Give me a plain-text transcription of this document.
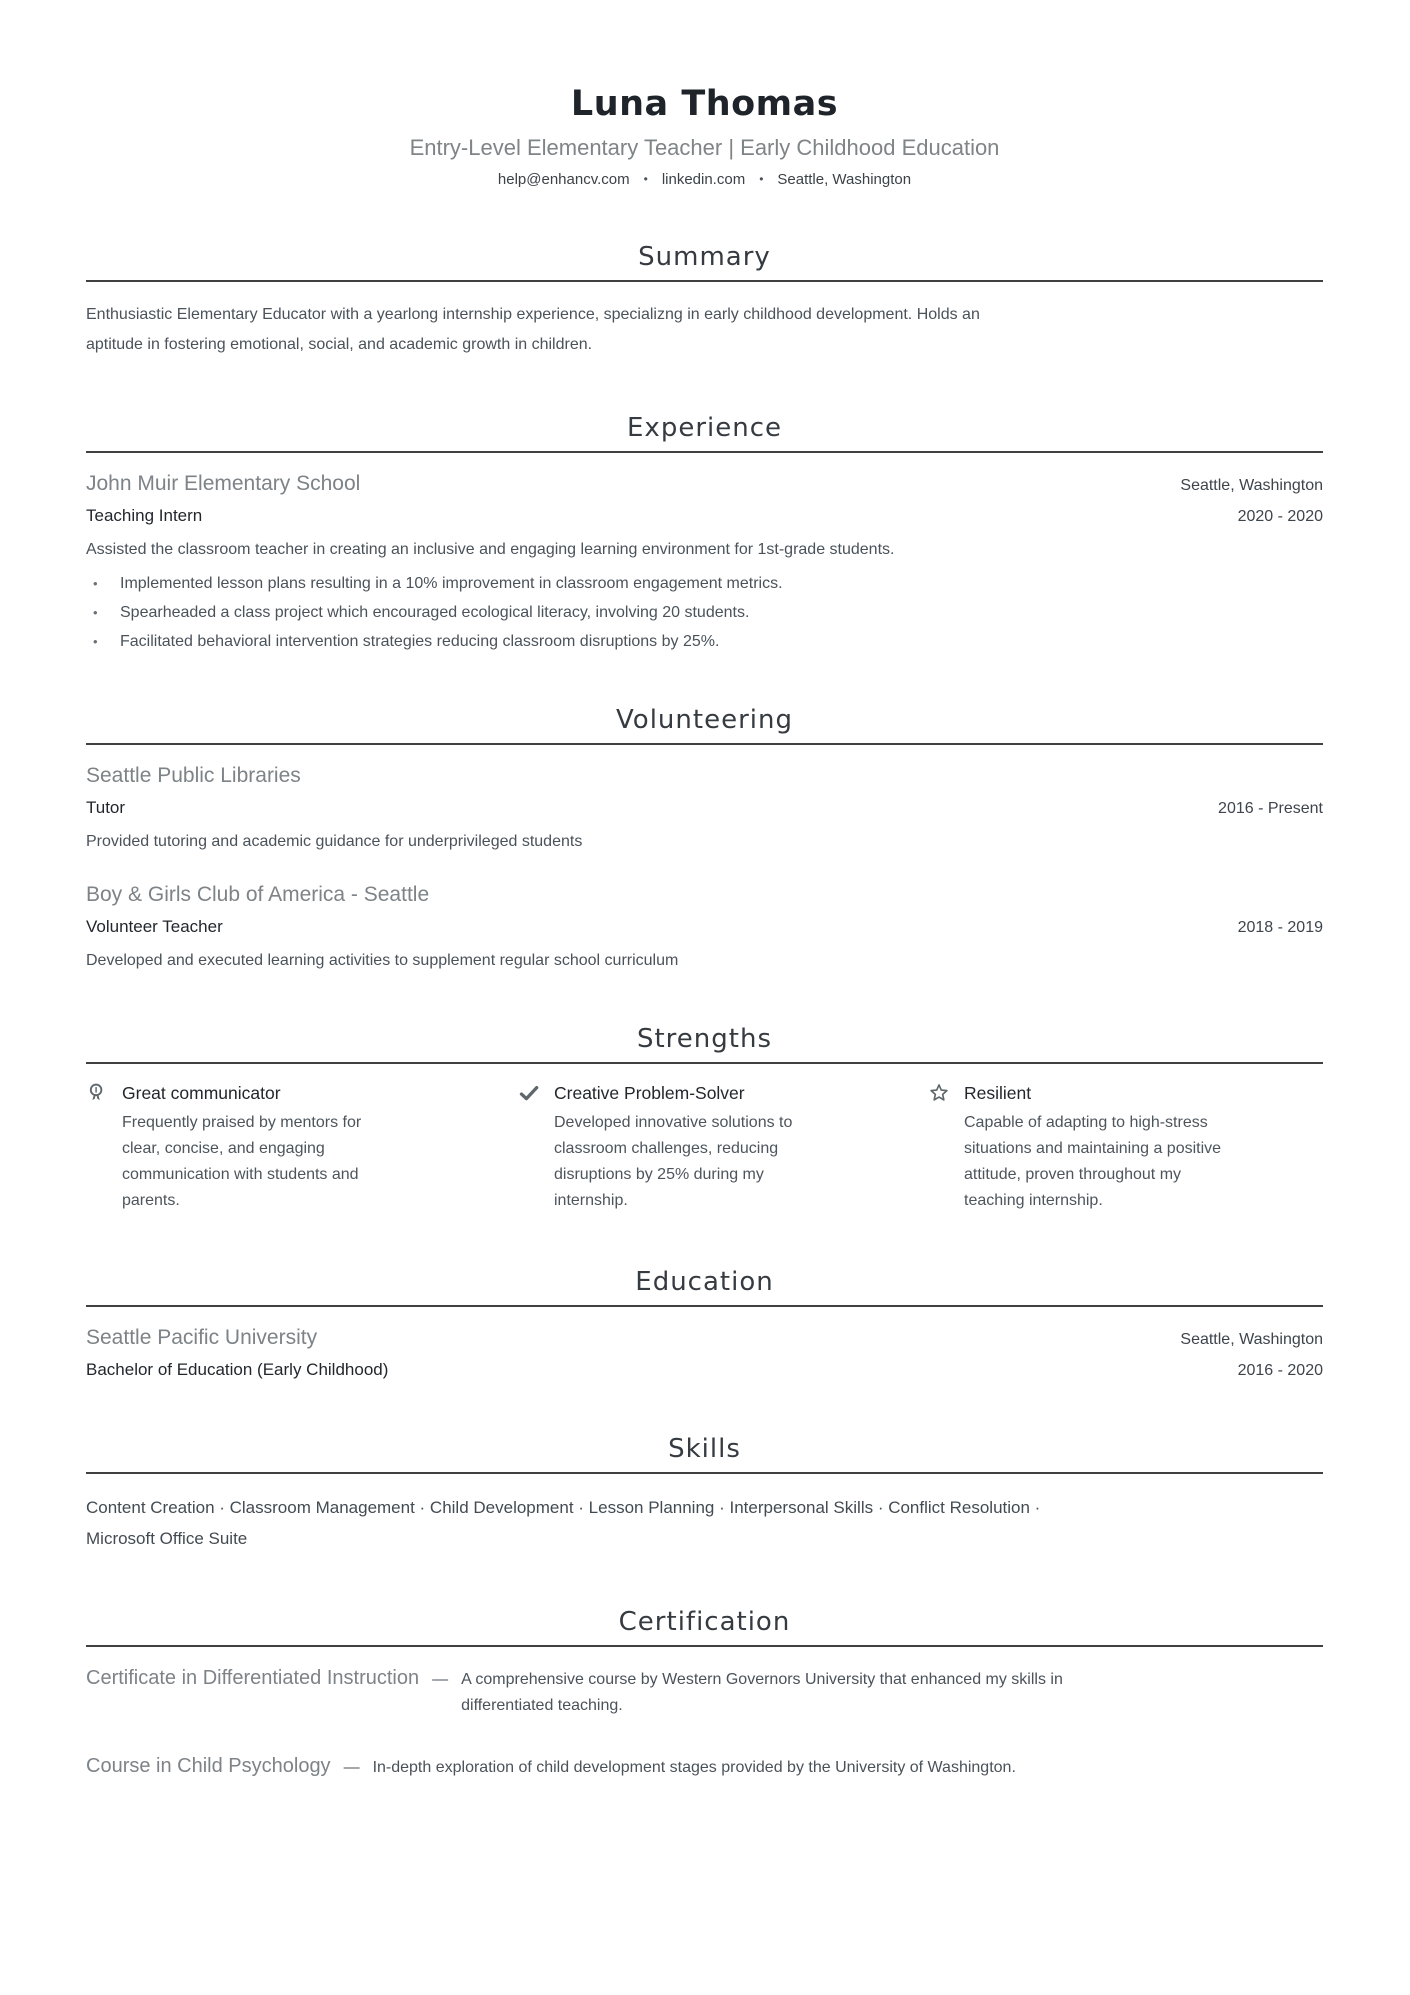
Luna Thomas
Entry-Level Elementary Teacher | Early Childhood Education
help@enhancv.com • linkedin.com • Seattle, Washington
Summary

Enthusiastic Elementary Educator with a yearlong internship experience, specializng in early childhood development. Holds an aptitude in fostering emotional, social, and academic growth in children.

Experience
John Muir Elementary School	Seattle, Washington
Teaching Intern	2020 - 2020

Assisted the classroom teacher in creating an inclusive and engaging learning environment for 1st-grade students.

• Implemented lesson plans resulting in a 10% improvement in classroom engagement metrics.
• Spearheaded a class project which encouraged ecological literacy, involving 20 students.
• Facilitated behavioral intervention strategies reducing classroom disruptions by 25%.
Volunteering
Seattle Public Libraries
Tutor	2016 - Present

Provided tutoring and academic guidance for underprivileged students

Boy & Girls Club of America - Seattle
Volunteer Teacher	2018 - 2019

Developed and executed learning activities to supplement regular school curriculum

Strengths
Great communicator

Frequently praised by mentors for clear, concise, and engaging communication with students and parents.

Creative Problem-Solver

Developed innovative solutions to classroom challenges, reducing disruptions by 25% during my internship.

Resilient

Capable of adapting to high-stress situations and maintaining a positive attitude, proven throughout my teaching internship.

Education
Seattle Pacific University	Seattle, Washington
Bachelor of Education (Early Childhood)	2016 - 2020
Skills

Content Creation · Classroom Management · Child Development · Lesson Planning · Interpersonal Skills · Conflict Resolution · Microsoft Office Suite

Certification
Certificate in Differentiated Instruction — A comprehensive course by Western Governors University that enhanced my skills in differentiated teaching.

Course in Child Psychology — In-depth exploration of child development stages provided by the University of Washington.
